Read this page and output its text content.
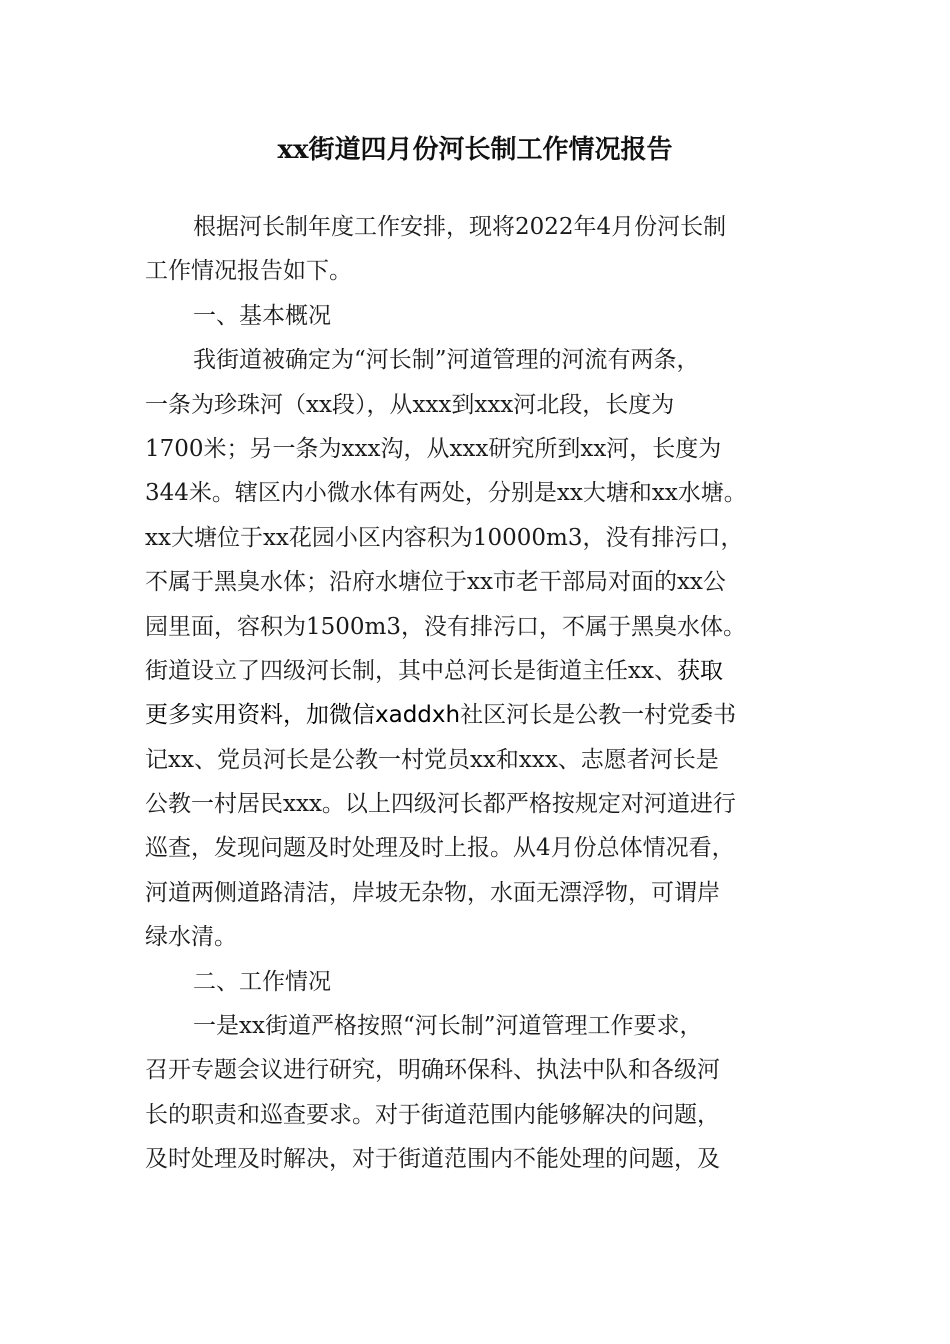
xx街道四月份河长制工作情况报告
根据河长制年度工作安排，现将2022年4月份河长制
工作情况报告如下。
一、基本概况
我街道被确定为“河长制”河道管理的河流有两条，
一条为珍珠河（xx段），从xxx到xxx河北段，长度为
1700米；另一条为xxx沟，从xxx研究所到xx河，长度为
344米。辖区内小微水体有两处，分别是xx大塘和xx水塘。
xx大塘位于xx花园小区内容积为10000m3，没有排污口，
不属于黑臭水体；沿府水塘位于xx市老干部局对面的xx公
园里面，容积为1500m3，没有排污口，不属于黑臭水体。
街道设立了四级河长制，其中总河长是街道主任xx、 获取
更多实用资料，加微信xaddxh 社区河长是公教一村党委书
记xx、党员河长是公教一村党员xx和xxx、志愿者河长是
公教一村居民xxx。以上四级河长都严格按规定对河道进行
巡查，发现问题及时处理及时上报。从4月份总体情况看，
河道两侧道路清洁，岸坡无杂物，水面无漂浮物，可谓岸
绿水清。
二、工作情况
一是xx街道严格按照“河长制”河道管理工作要求，
召开专题会议进行研究，明确环保科、执法中队和各级河
长的职责和巡查要求。对于街道范围内能够解决的问题，
及时处理及时解决，对于街道范围内不能处理的问题，及
